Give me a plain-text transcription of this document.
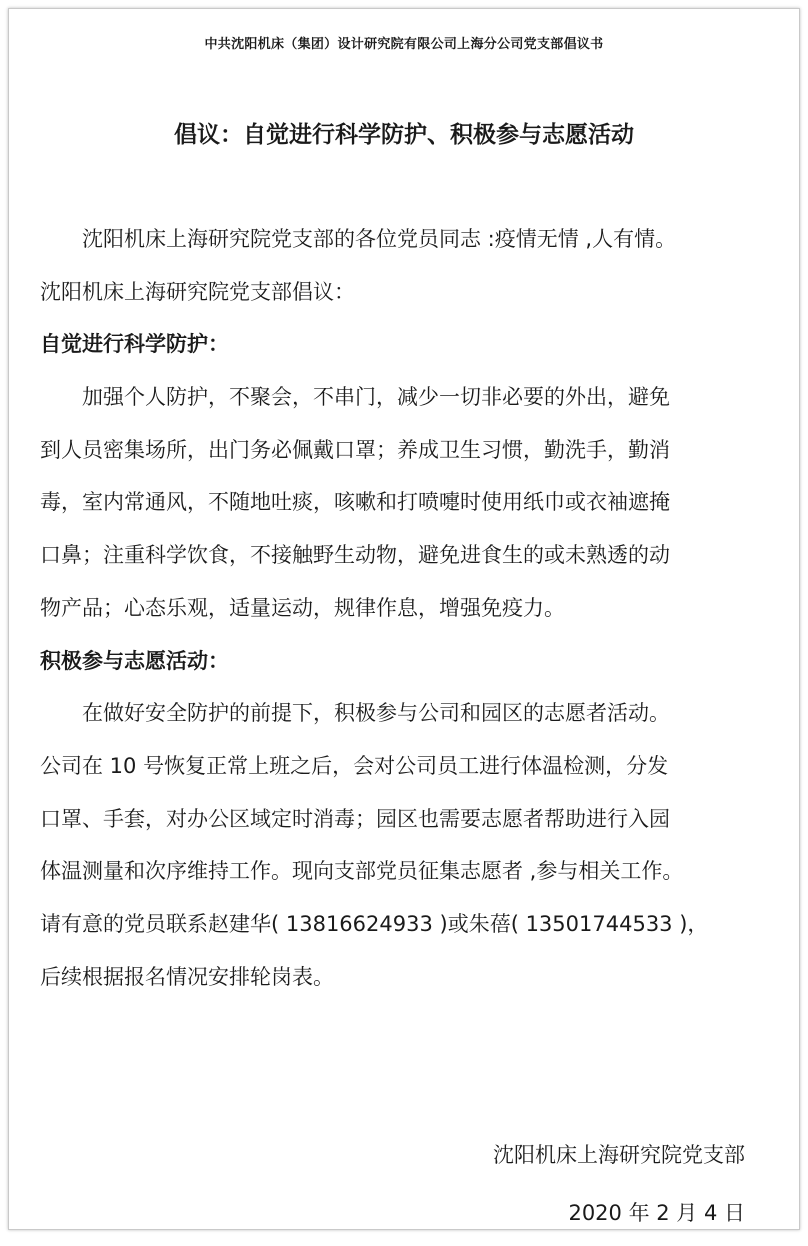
中共沈阳机床（集团）设计研究院有限公司上海分公司党支部倡议书
倡议：自觉进行科学防护、积极参与志愿活动
沈阳机床上海研究院党支部的各位党员同志 :疫情无情 ,人有情。
沈阳机床上海研究院党支部倡议：
自觉进行科学防护：
加强个人防护，不聚会，不串门，减少一切非必要的外出，避免
到人员密集场所，出门务必佩戴口罩；养成卫生习惯，勤洗手，勤消
毒，室内常通风，不随地吐痰，咳嗽和打喷嚏时使用纸巾或衣袖遮掩
口鼻；注重科学饮食，不接触野生动物，避免进食生的或未熟透的动
物产品；心态乐观，适量运动，规律作息，增强免疫力。
积极参与志愿活动：
在做好安全防护的前提下，积极参与公司和园区的志愿者活动。
公司在 10 号恢复正常上班之后，会对公司员工进行体温检测，分发
口罩、手套，对办公区域定时消毒；园区也需要志愿者帮助进行入园
体温测量和次序维持工作。现向支部党员征集志愿者 ,参与相关工作。
请有意的党员联系赵建华( 13816624933 )或朱蓓( 13501744533 )，
后续根据报名情况安排轮岗表。
沈阳机床上海研究院党支部
2020 年 2 月 4 日
